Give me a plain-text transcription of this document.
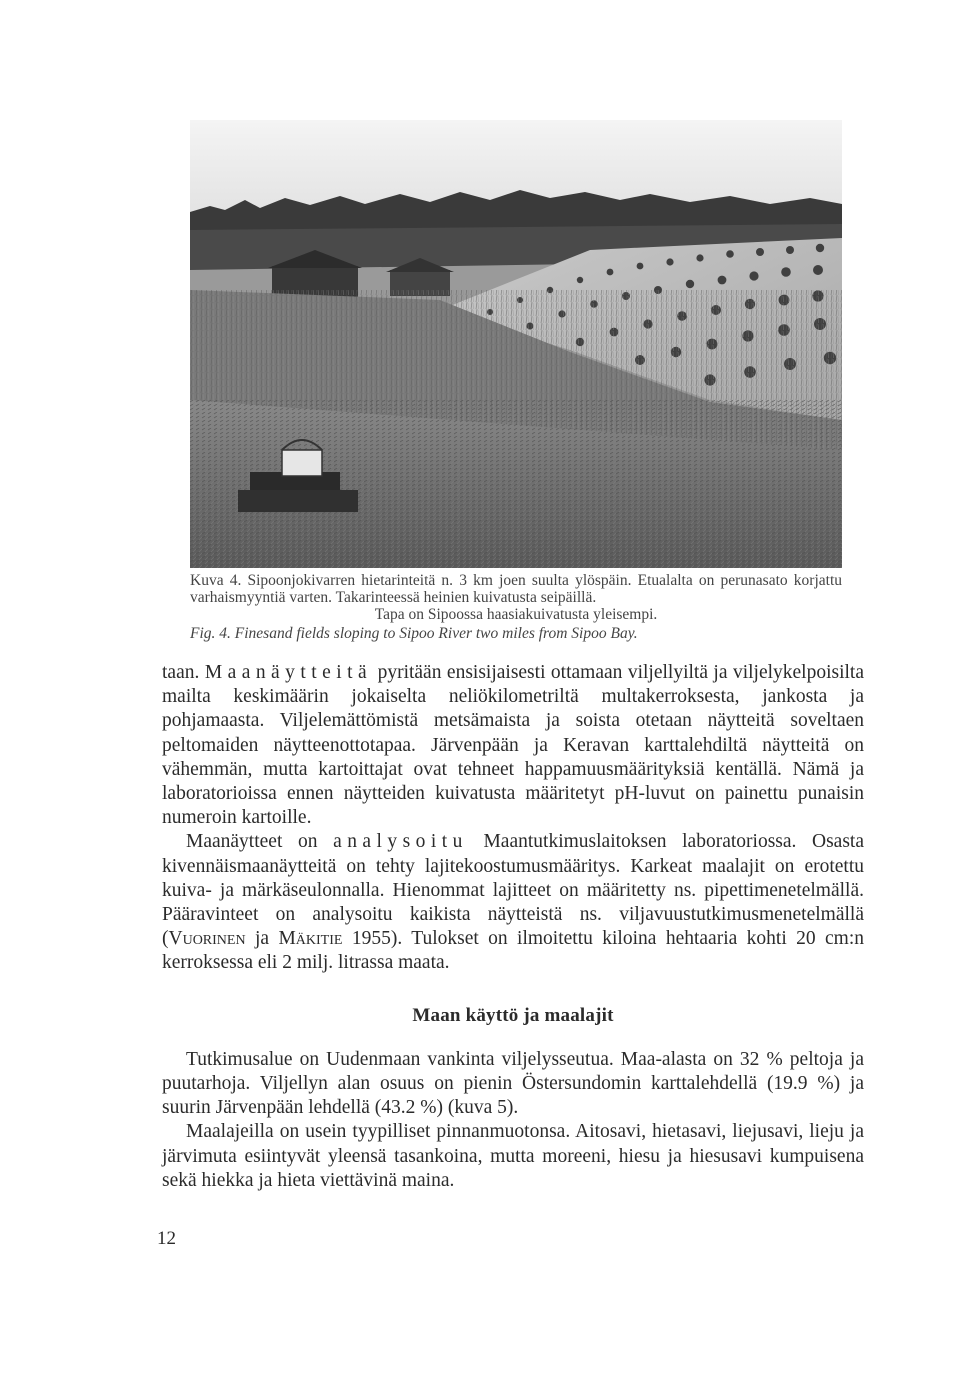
Kuva 4. Sipoonjokivarren hietarinteitä n. 3 km joen suulta ylöspäin. Etualalta on perunasato korjattu varhaismyyntiä varten. Takarinteessä heinien kuivatusta seipäillä.

Tapa on Sipoossa haasiakuivatusta yleisempi.

Fig. 4. Finesand fields sloping to Sipoo River two miles from Sipoo Bay.

taan. Maanäytteitä pyritään ensisijaisesti ottamaan viljellyiltä ja viljelykelpoisilta mailta keskimäärin jokaiselta neliökilometriltä multakerroksesta, jankosta ja pohjamaasta. Viljelemättömistä metsämaista ja soista otetaan näytteitä soveltaen peltomaiden näytteenottotapaa. Järvenpään ja Keravan karttalehdiltä näytteitä on vähemmän, mutta kartoittajat ovat tehneet happamuusmäärityksiä kentällä. Nämä ja laboratorioissa ennen näytteiden kuivatusta määritetyt pH-luvut on painettu punaisin numeroin kartoille.

Maanäytteet on analysoitu Maantutkimuslaitoksen laboratoriossa. Osasta kivennäismaanäytteitä on tehty lajitekoostumusmääritys. Karkeat maalajit on erotettu kuiva- ja märkäseulonnalla. Hienommat lajitteet on määritetty ns. pipettimenetelmällä. Pääravinteet on analysoitu kaikista näytteistä ns. viljavuustutkimusmenetelmällä (Vuorinen ja Mäkitie 1955). Tulokset on ilmoitettu kiloina hehtaaria kohti 20 cm:n kerroksessa eli 2 milj. litrassa maata.

Maan käyttö ja maalajit

Tutkimusalue on Uudenmaan vankinta viljelysseutua. Maa-alasta on 32 % peltoja ja puutarhoja. Viljellyn alan osuus on pienin Östersundomin karttalehdellä (19.9 %) ja suurin Järvenpään lehdellä (43.2 %) (kuva 5).

Maalajeilla on usein tyypilliset pinnanmuotonsa. Aitosavi, hietasavi, liejusavi, lieju ja järvimuta esiintyvät yleensä tasankoina, mutta moreeni, hiesu ja hiesusavi kumpuisena sekä hiekka ja hieta viettävinä maina.

12
